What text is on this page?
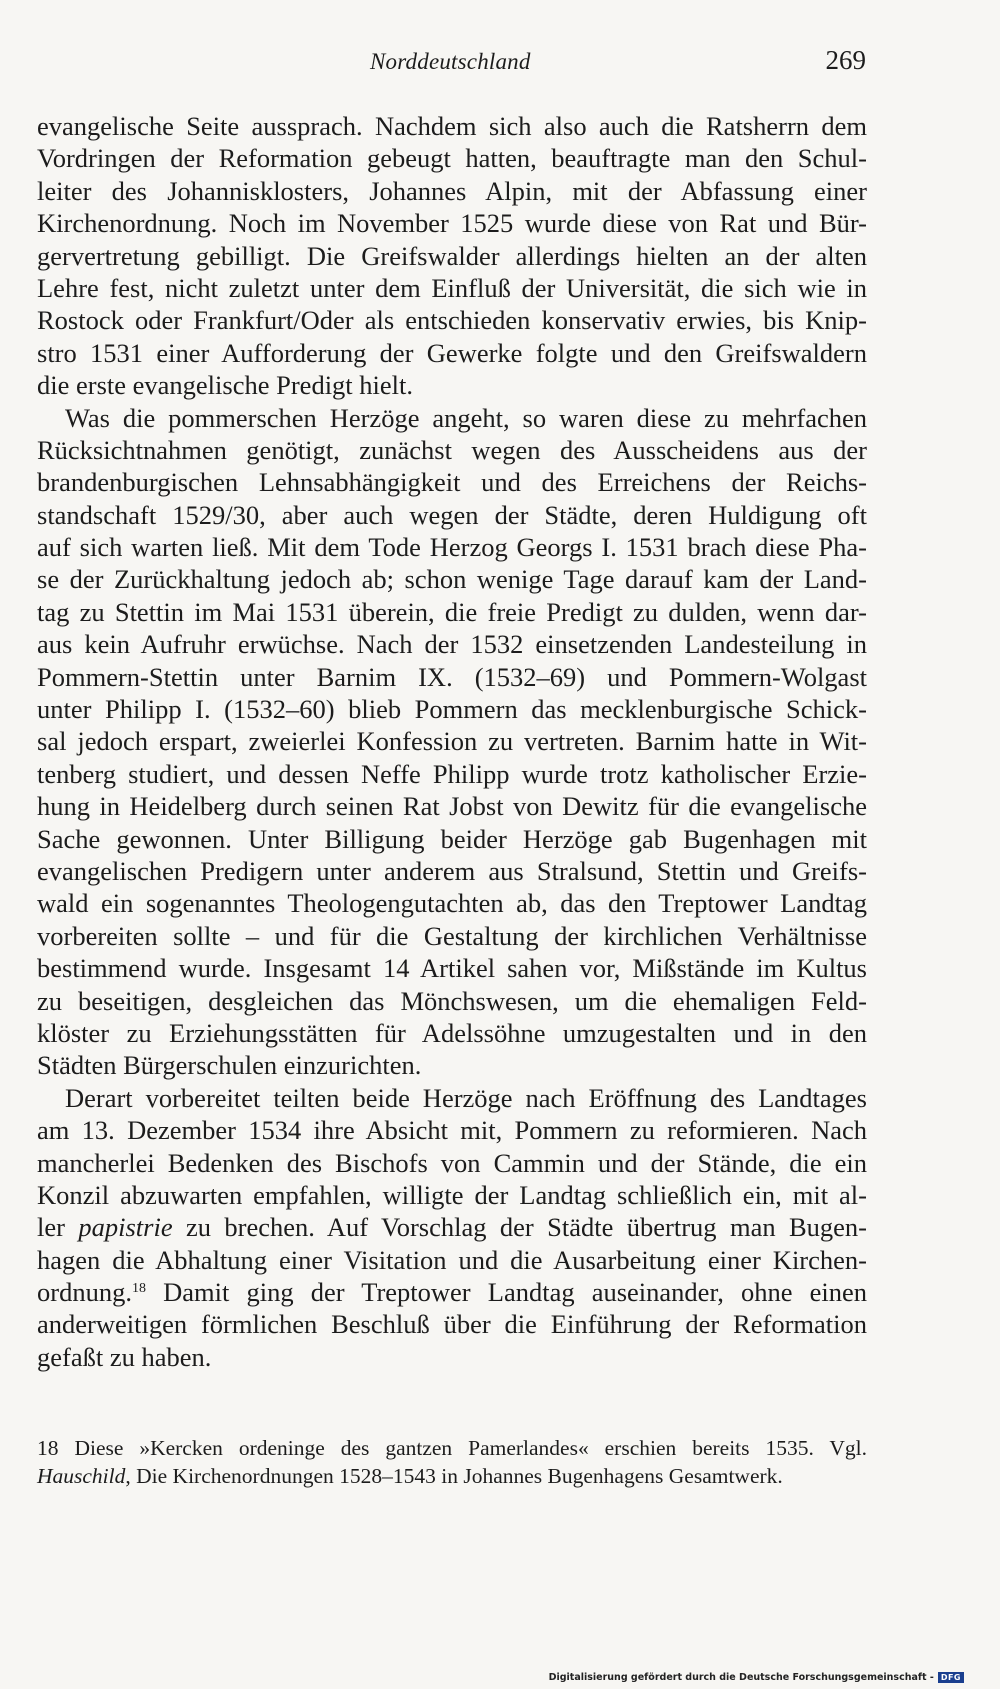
Norddeutschland	269
evangelische Seite aussprach. Nachdem sich also auch die Ratsherrn dem
Vordringen der Reformation gebeugt hatten, beauftragte man den Schul-
leiter des Johannisklosters, Johannes Alpin, mit der Abfassung einer
Kirchenordnung. Noch im November 1525 wurde diese von Rat und Bür-
gervertretung gebilligt. Die Greifswalder allerdings hielten an der alten
Lehre fest, nicht zuletzt unter dem Einfluß der Universität, die sich wie in
Rostock oder Frankfurt/Oder als entschieden konservativ erwies, bis Knip-
stro 1531 einer Aufforderung der Gewerke folgte und den Greifswaldern
die erste evangelische Predigt hielt.
Was die pommerschen Herzöge angeht, so waren diese zu mehrfachen
Rücksichtnahmen genötigt, zunächst wegen des Ausscheidens aus der
brandenburgischen Lehnsabhängigkeit und des Erreichens der Reichs-
standschaft 1529/30, aber auch wegen der Städte, deren Huldigung oft
auf sich warten ließ. Mit dem Tode Herzog Georgs I. 1531 brach diese Pha-
se der Zurückhaltung jedoch ab; schon wenige Tage darauf kam der Land-
tag zu Stettin im Mai 1531 überein, die freie Predigt zu dulden, wenn dar-
aus kein Aufruhr erwüchse. Nach der 1532 einsetzenden Landesteilung in
Pommern-Stettin unter Barnim IX. (1532–69) und Pommern-Wolgast
unter Philipp I. (1532–60) blieb Pommern das mecklenburgische Schick-
sal jedoch erspart, zweierlei Konfession zu vertreten. Barnim hatte in Wit-
tenberg studiert, und dessen Neffe Philipp wurde trotz katholischer Erzie-
hung in Heidelberg durch seinen Rat Jobst von Dewitz für die evangelische
Sache gewonnen. Unter Billigung beider Herzöge gab Bugenhagen mit
evangelischen Predigern unter anderem aus Stralsund, Stettin und Greifs-
wald ein sogenanntes Theologengutachten ab, das den Treptower Landtag
vorbereiten sollte – und für die Gestaltung der kirchlichen Verhältnisse
bestimmend wurde. Insgesamt 14 Artikel sahen vor, Mißstände im Kultus
zu beseitigen, desgleichen das Mönchswesen, um die ehemaligen Feld-
klöster zu Erziehungsstätten für Adelssöhne umzugestalten und in den
Städten Bürgerschulen einzurichten.
Derart vorbereitet teilten beide Herzöge nach Eröffnung des Landtages
am 13. Dezember 1534 ihre Absicht mit, Pommern zu reformieren. Nach
mancherlei Bedenken des Bischofs von Cammin und der Stände, die ein
Konzil abzuwarten empfahlen, willigte der Landtag schließlich ein, mit al-
ler papistrie zu brechen. Auf Vorschlag der Städte übertrug man Bugen-
hagen die Abhaltung einer Visitation und die Ausarbeitung einer Kirchen-
ordnung.$^{18}$ Damit ging der Treptower Landtag auseinander, ohne einen
anderweitigen förmlichen Beschluß über die Einführung der Reformation
gefaßt zu haben.
18 Diese »Kercken ordeninge des gantzen Pamerlandes« erschien bereits 1535. Vgl.
Hauschild, Die Kirchenordnungen 1528–1543 in Johannes Bugenhagens Gesamtwerk.
Digitalisierung gefördert durch die Deutsche Forschungsgemeinschaft - DFG
